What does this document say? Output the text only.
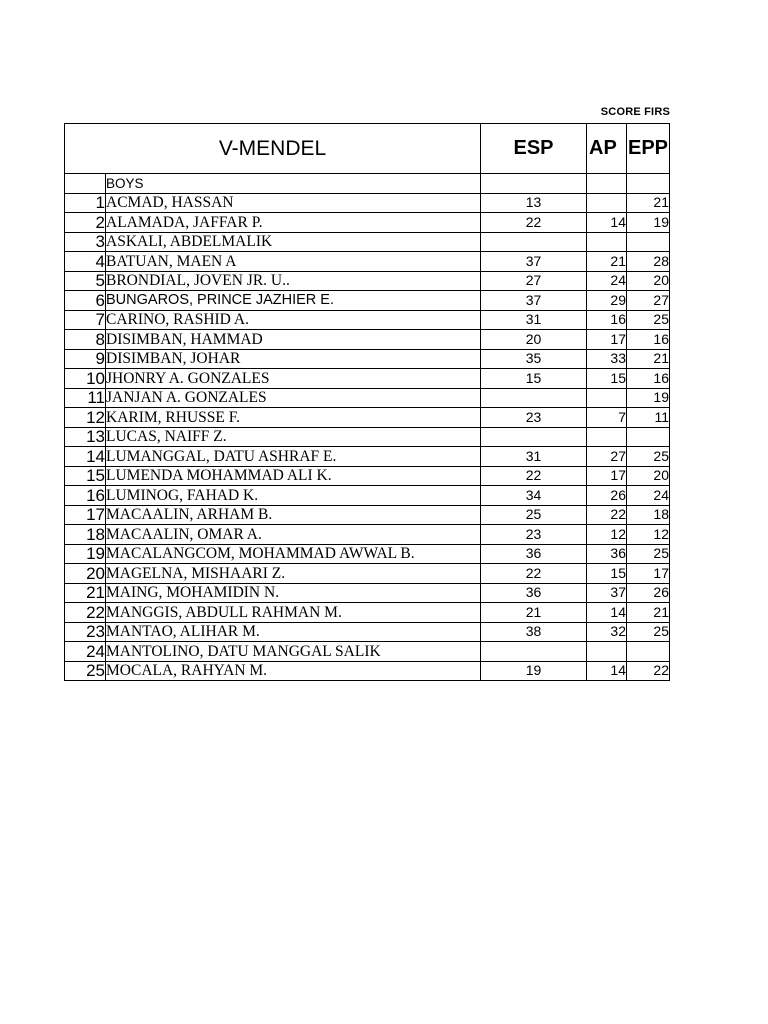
SCORE FIRS
V-MENDEL		ESP	AP	EPP
	BOYS			
1	ACMAD, HASSAN	13		21
2	ALAMADA, JAFFAR P.	22	14	19
3	ASKALI, ABDELMALIK			
4	BATUAN, MAEN A	37	21	28
5	BRONDIAL, JOVEN JR. U..	27	24	20
6	BUNGAROS, PRINCE JAZHIER E.	37	29	27
7	CARINO, RASHID A.	31	16	25
8	DISIMBAN, HAMMAD	20	17	16
9	DISIMBAN, JOHAR	35	33	21
10	JHONRY A. GONZALES	15	15	16
11	JANJAN A. GONZALES			19
12	KARIM, RHUSSE F.	23	7	11
13	LUCAS, NAIFF Z.			
14	LUMANGGAL, DATU ASHRAF E.	31	27	25
15	LUMENDA MOHAMMAD ALI K.	22	17	20
16	LUMINOG, FAHAD K.	34	26	24
17	MACAALIN, ARHAM B.	25	22	18
18	MACAALIN, OMAR A.	23	12	12
19	MACALANGCOM, MOHAMMAD AWWAL B.	36	36	25
20	MAGELNA, MISHAARI Z.	22	15	17
21	MAING, MOHAMIDIN N.	36	37	26
22	MANGGIS, ABDULL RAHMAN M.	21	14	21
23	MANTAO, ALIHAR M.	38	32	25
24	MANTOLINO, DATU MANGGAL SALIK			
25	MOCALA, RAHYAN M.	19	14	22
